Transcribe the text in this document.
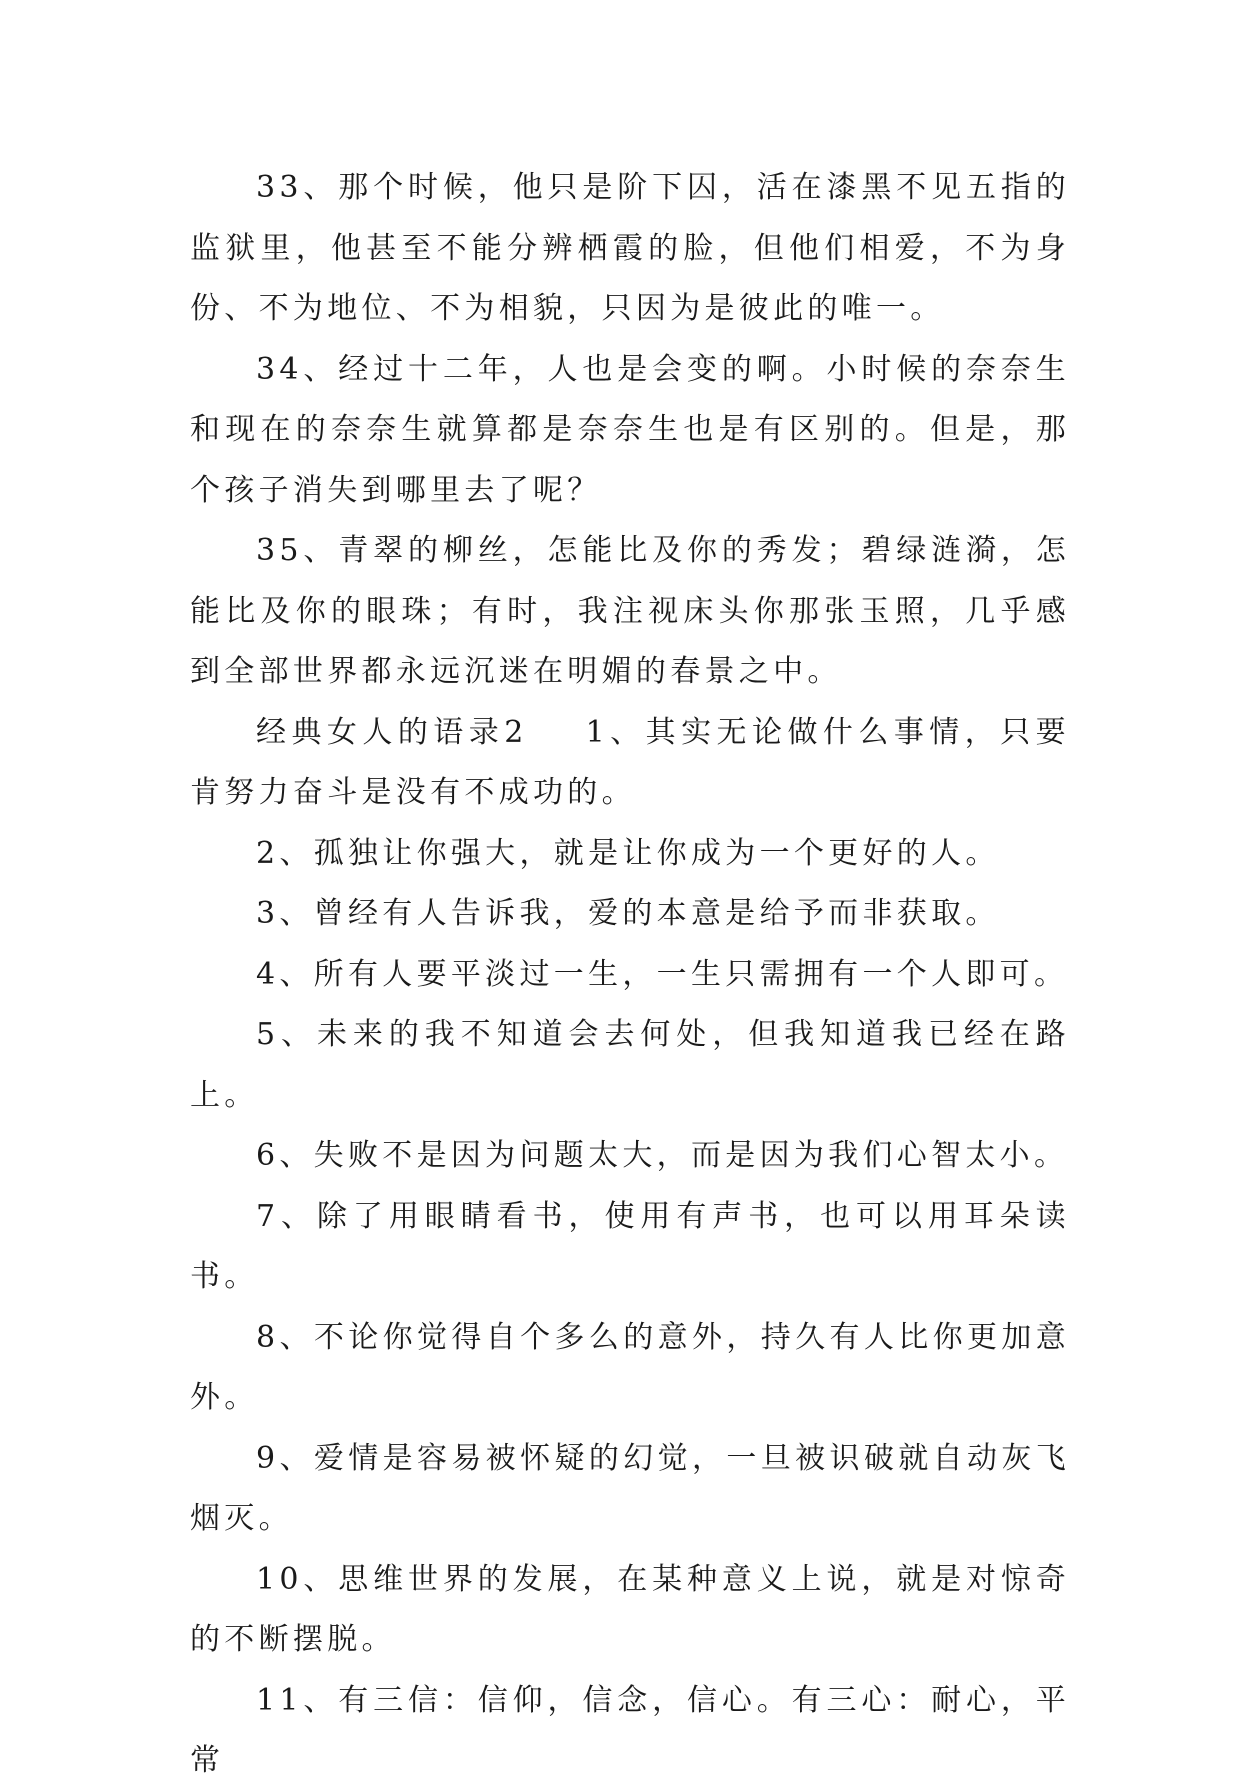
33、那个时候，他只是阶下囚，活在漆黑不见五指的监狱里，他甚至不能分辨栖霞的脸，但他们相爱，不为身份、不为地位、不为相貌，只因为是彼此的唯一。

34、经过十二年，人也是会变的啊。小时候的奈奈生和现在的奈奈生就算都是奈奈生也是有区别的。但是，那个孩子消失到哪里去了呢？

35、青翠的柳丝，怎能比及你的秀发；碧绿涟漪，怎能比及你的眼珠；有时，我注视床头你那张玉照，几乎感到全部世界都永远沉迷在明媚的春景之中。

经典女人的语录2 1、其实无论做什么事情，只要肯努力奋斗是没有不成功的。

2、孤独让你强大，就是让你成为一个更好的人。

3、曾经有人告诉我，爱的本意是给予而非获取。

4、所有人要平淡过一生，一生只需拥有一个人即可。

5、未来的我不知道会去何处，但我知道我已经在路上。

6、失败不是因为问题太大，而是因为我们心智太小。

7、除了用眼睛看书，使用有声书，也可以用耳朵读书。

8、不论你觉得自个多么的意外，持久有人比你更加意外。

9、爱情是容易被怀疑的幻觉，一旦被识破就自动灰飞烟灭。

10、思维世界的发展，在某种意义上说，就是对惊奇的不断摆脱。

11、有三信：信仰，信念，信心。有三心：耐心，平常
